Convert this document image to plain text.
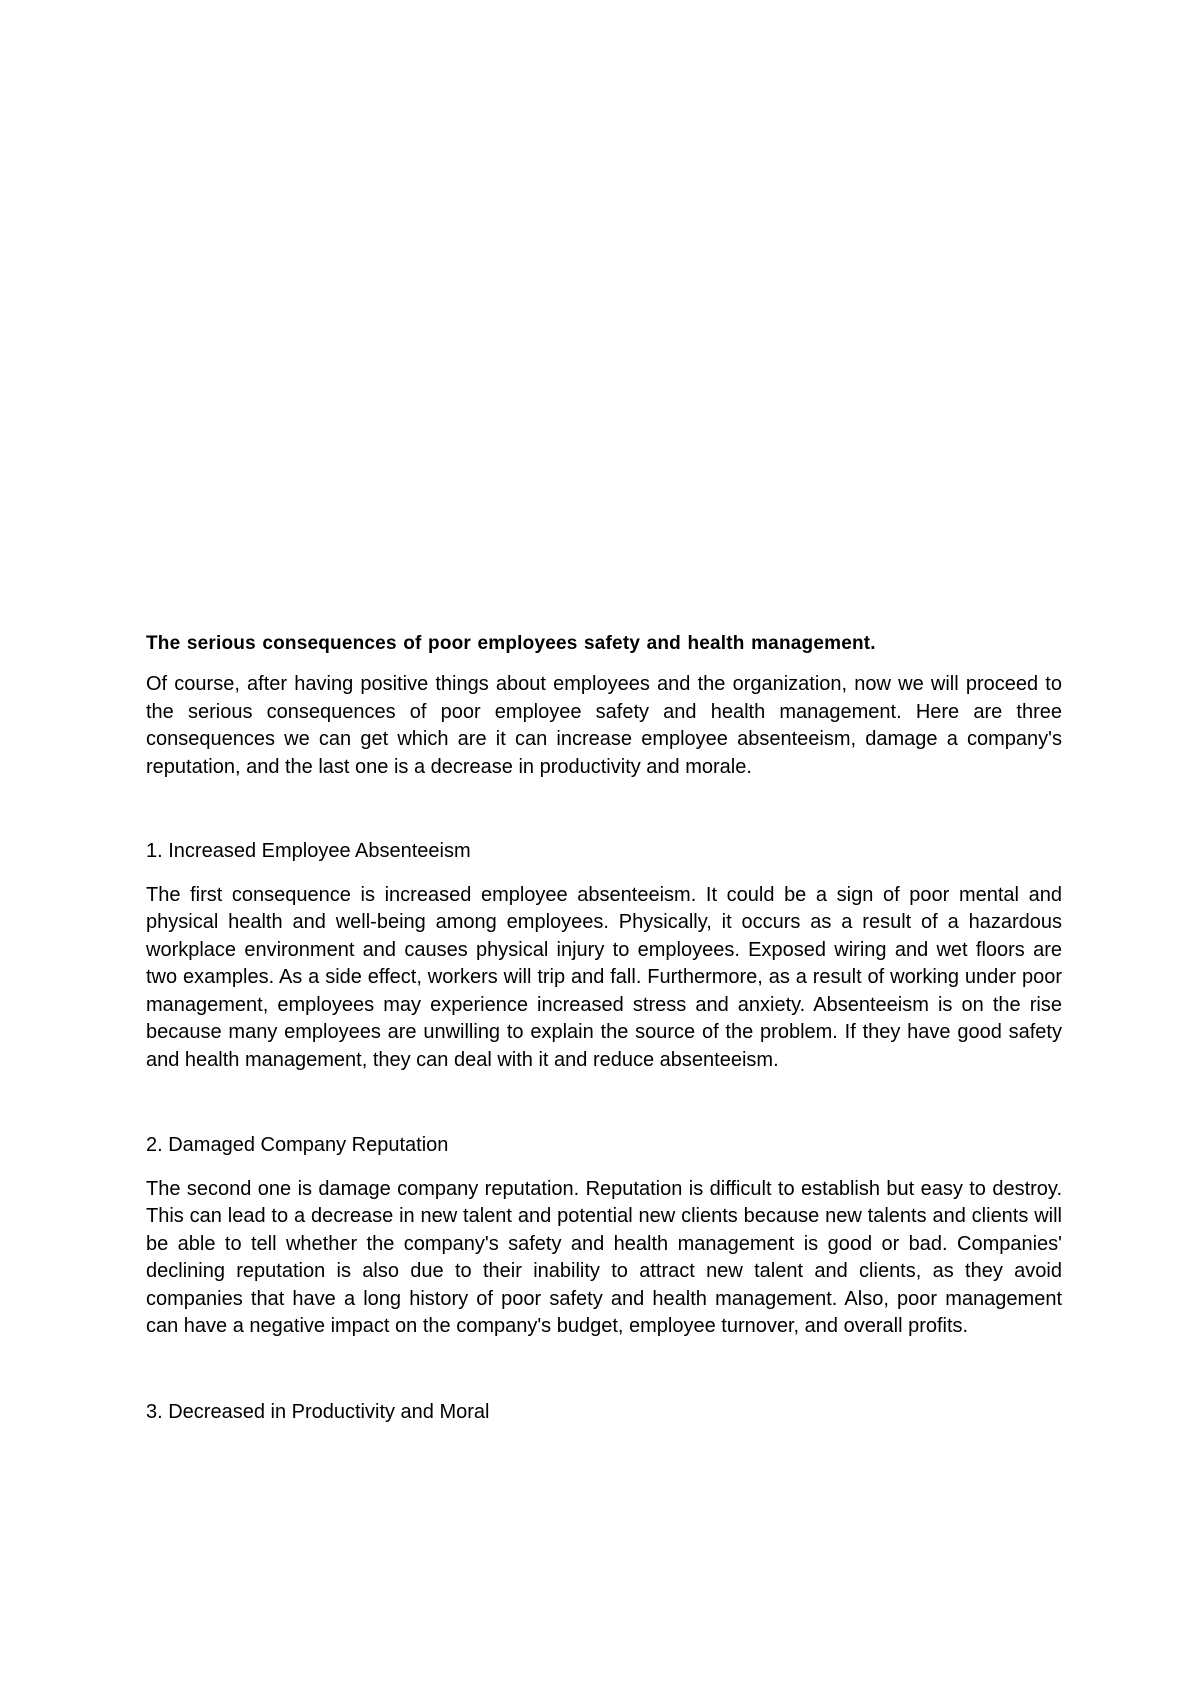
The serious consequences of poor employees safety and health management.

Of course, after having positive things about employees and the organization, now we will proceed to the serious consequences of poor employee safety and health management. Here are three consequences we can get which are it can increase employee absenteeism, damage a company's reputation, and the last one is a decrease in productivity and morale.

1. Increased Employee Absenteeism

The first consequence is increased employee absenteeism. It could be a sign of poor mental and physical health and well-being among employees. Physically, it occurs as a result of a hazardous workplace environment and causes physical injury to employees. Exposed wiring and wet floors are two examples. As a side effect, workers will trip and fall. Furthermore, as a result of working under poor management, employees may experience increased stress and anxiety. Absenteeism is on the rise because many employees are unwilling to explain the source of the problem. If they have good safety and health management, they can deal with it and reduce absenteeism.

2. Damaged Company Reputation

The second one is damage company reputation. Reputation is difficult to establish but easy to destroy. This can lead to a decrease in new talent and potential new clients because new talents and clients will be able to tell whether the company's safety and health management is good or bad. Companies' declining reputation is also due to their inability to attract new talent and clients, as they avoid companies that have a long history of poor safety and health management. Also, poor management can have a negative impact on the company's budget, employee turnover, and overall profits.

3. Decreased in Productivity and Moral
